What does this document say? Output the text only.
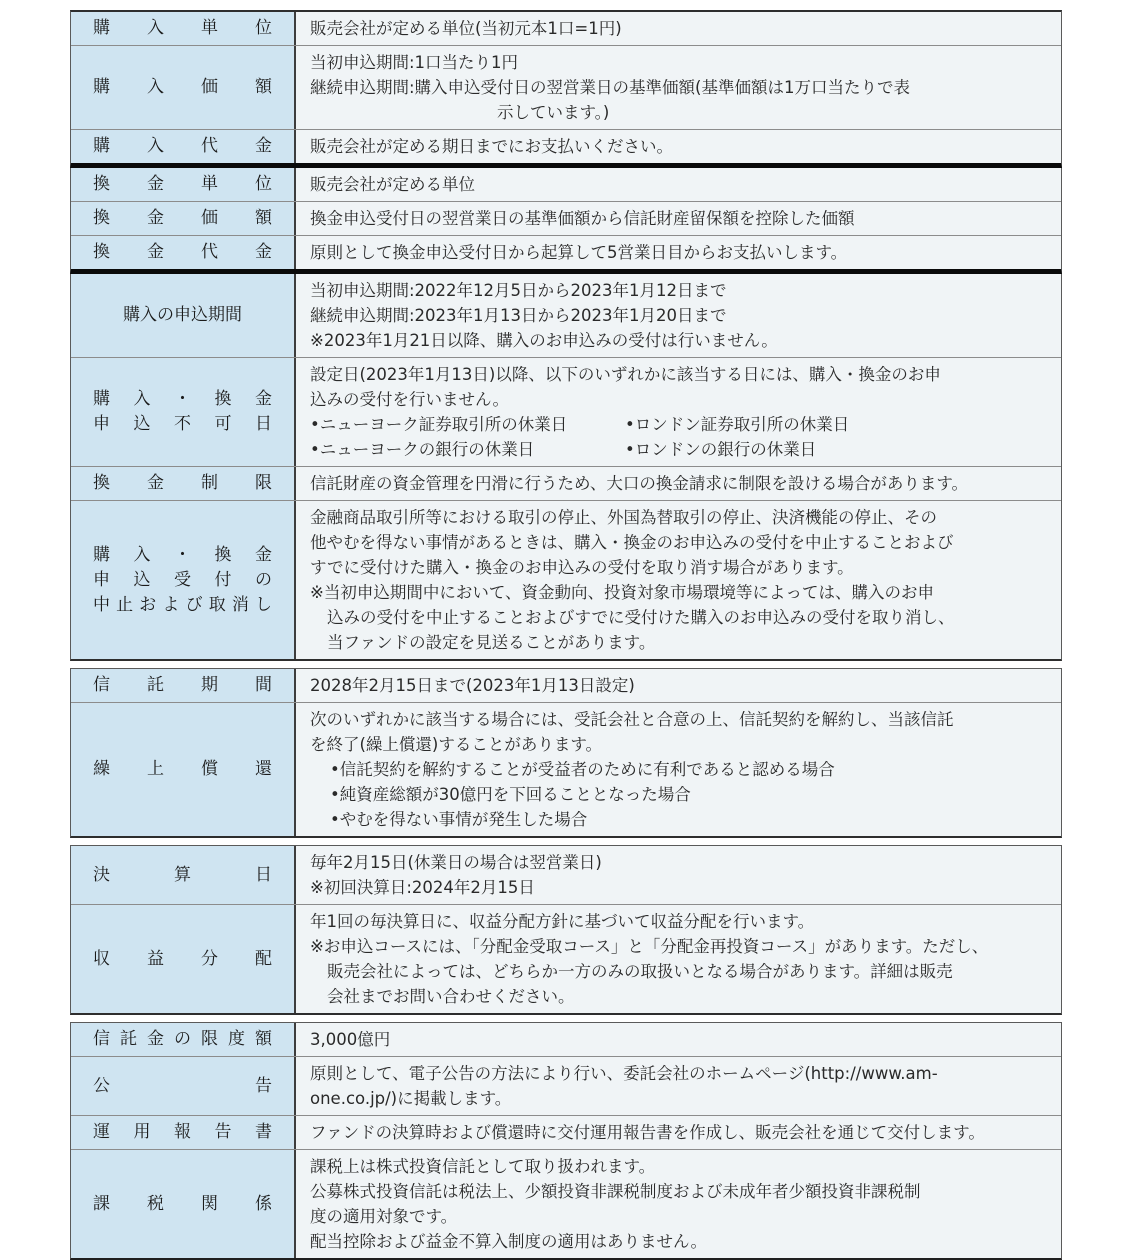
購入単位 販売会社が定める単位(当初元本1口=1円)
購入価額
当初申込期間:1口当たり1円
継続申込期間:購入申込受付日の翌営業日の基準価額(基準価額は1万口当たりで表
示しています。)
購入代金 販売会社が定める期日までにお支払いください。
換金単位 販売会社が定める単位
換金価額 換金申込受付日の翌営業日の基準価額から信託財産留保額を控除した価額
換金代金 原則として換金申込受付日から起算して5営業日目からお支払いします。
購入の申込期間
当初申込期間:2022年12月5日から2023年1月12日まで
継続申込期間:2023年1月13日から2023年1月20日まで
※2023年1月21日以降、購入のお申込みの受付は行いません。
購入・換金
申込不可日
設定日(2023年1月13日)以降、以下のいずれかに該当する日には、購入・換金のお申
込みの受付を行いません。
•ニューヨーク証券取引所の休業日	•ロンドン証券取引所の休業日
•ニューヨークの銀行の休業日	•ロンドンの銀行の休業日
換金制限 信託財産の資金管理を円滑に行うため、大口の換金請求に制限を設ける場合があります。
購入・換金
申込受付の
中止および取消し
金融商品取引所等における取引の停止、外国為替取引の停止、決済機能の停止、その
他やむを得ない事情があるときは、購入・換金のお申込みの受付を中止することおよび
すでに受付けた購入・換金のお申込みの受付を取り消す場合があります。
※当初申込期間中において、資金動向、投資対象市場環境等によっては、購入のお申
込みの受付を中止することおよびすでに受付けた購入のお申込みの受付を取り消し、
当ファンドの設定を見送ることがあります。
信託期間 2028年2月15日まで(2023年1月13日設定)
繰上償還
次のいずれかに該当する場合には、受託会社と合意の上、信託契約を解約し、当該信託
を終了(繰上償還)することがあります。
•信託契約を解約することが受益者のために有利であると認める場合
•純資産総額が30億円を下回ることとなった場合
•やむを得ない事情が発生した場合
決算日
毎年2月15日(休業日の場合は翌営業日)
※初回決算日:2024年2月15日
収益分配
年1回の毎決算日に、収益分配方針に基づいて収益分配を行います。
※お申込コースには、「分配金受取コース」と「分配金再投資コース」があります。ただし、
販売会社によっては、どちらか一方のみの取扱いとなる場合があります。詳細は販売
会社までお問い合わせください。
信託金の限度額 3,000億円
公告
原則として、電子公告の方法により行い、委託会社のホームページ(http://www.am-
one.co.jp/)に掲載します。
運用報告書 ファンドの決算時および償還時に交付運用報告書を作成し、販売会社を通じて交付します。
課税関係
課税上は株式投資信託として取り扱われます。
公募株式投資信託は税法上、少額投資非課税制度および未成年者少額投資非課税制
度の適用対象です。
配当控除および益金不算入制度の適用はありません。
